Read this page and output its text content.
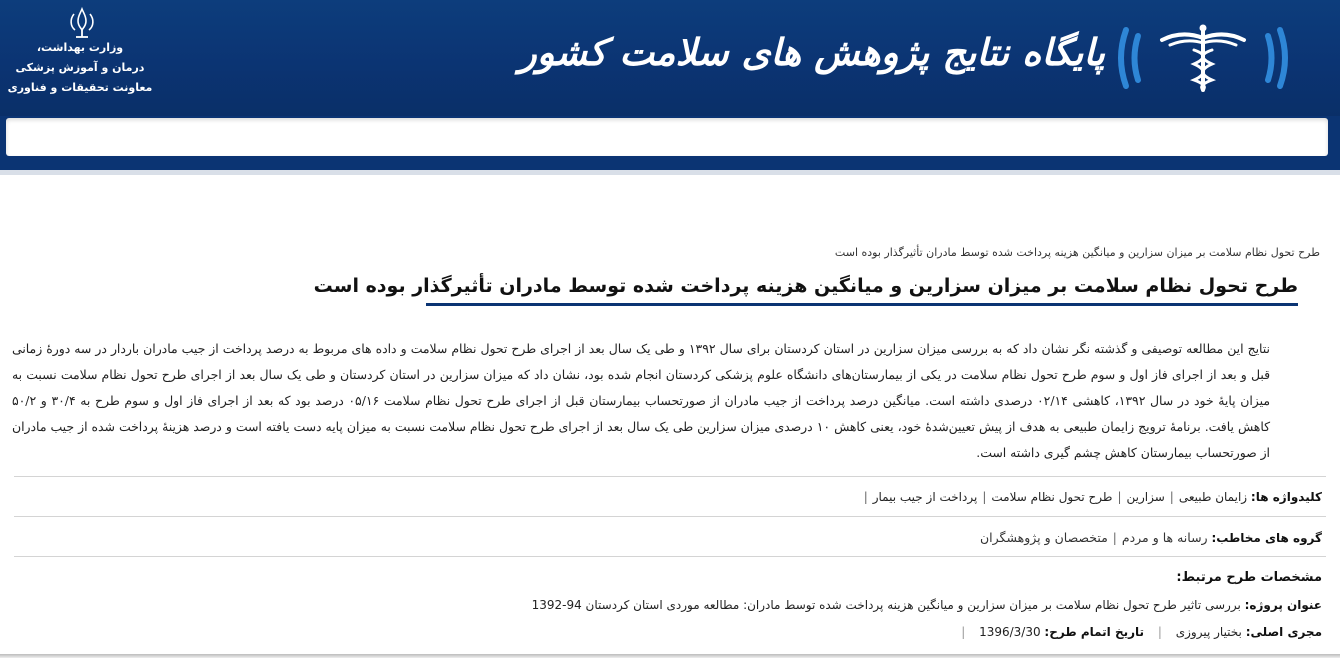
وزارت بهداشت،
درمان و آموزش پزشکی
معاونت تحقیقات و فناوری
پایگاه نتایج پژوهش های سلامت کشور
طرح تحول نظام سلامت بر میزان سزارین و میانگین هزینه پرداخت شده توسط مادران تأثیرگذار بوده است
طرح تحول نظام سلامت بر میزان سزارین و میانگین هزینه پرداخت شده توسط مادران تأثیرگذار بوده است
نتایج این مطالعه توصیفی و گذشته نگر نشان داد که به بررسی میزان سزارین در استان کردستان برای سال ۱۳۹۲ و طی یک سال بعد از اجرای طرح تحول نظام سلامت و داده های مربوط به درصد پرداخت از جیب مادران باردار در سه دورۀ زمانی قبل و بعد از اجرای فاز اول و سوم طرح تحول نظام سلامت در یکی از بیمارستان‌های دانشگاه علوم پزشکی کردستان انجام شده بود، نشان داد که میزان سزارین در استان کردستان و طی یک سال بعد از اجرای طرح تحول نظام سلامت نسبت به میزان پایۀ خود در سال ۱۳۹۲، کاهشی ۰۲/۱۴ درصدی داشته است. میانگین درصد پرداخت از جیب مادران از صورتحساب بیمارستان قبل از اجرای طرح تحول نظام سلامت ۰۵/۱۶ درصد بود که بعد از اجرای فاز اول و سوم طرح به ۳۰/۴ و ۵۰/۲ کاهش یافت. برنامۀ ترویج زایمان طبیعی به هدف از پیش تعیین‌شدۀ خود، یعنی کاهش ۱۰ درصدی میزان سزارین طی یک سال بعد از اجرای طرح تحول نظام سلامت نسبت به میزان پایه دست یافته است و درصد هزینۀ پرداخت شده از جیب مادران از صورتحساب بیمارستان کاهش چشم گیری داشته است.
کلیدواژه ها: زایمان طبیعی|سزارین|طرح تحول نظام سلامت|پرداخت از جیب بیمار|
گروه های مخاطب: رسانه ها و مردم|متخصصان و پژوهشگران
مشخصات طرح مرتبط:
عنوان پروژه: بررسی تاثیر طرح تحول نظام سلامت بر میزان سزارین و میانگین هزینه پرداخت شده توسط مادران: مطالعه موردی استان کردستان 94-1392
مجری اصلی: بختیار پیروزی | تاریخ اتمام طرح: 1396/3/30 |
